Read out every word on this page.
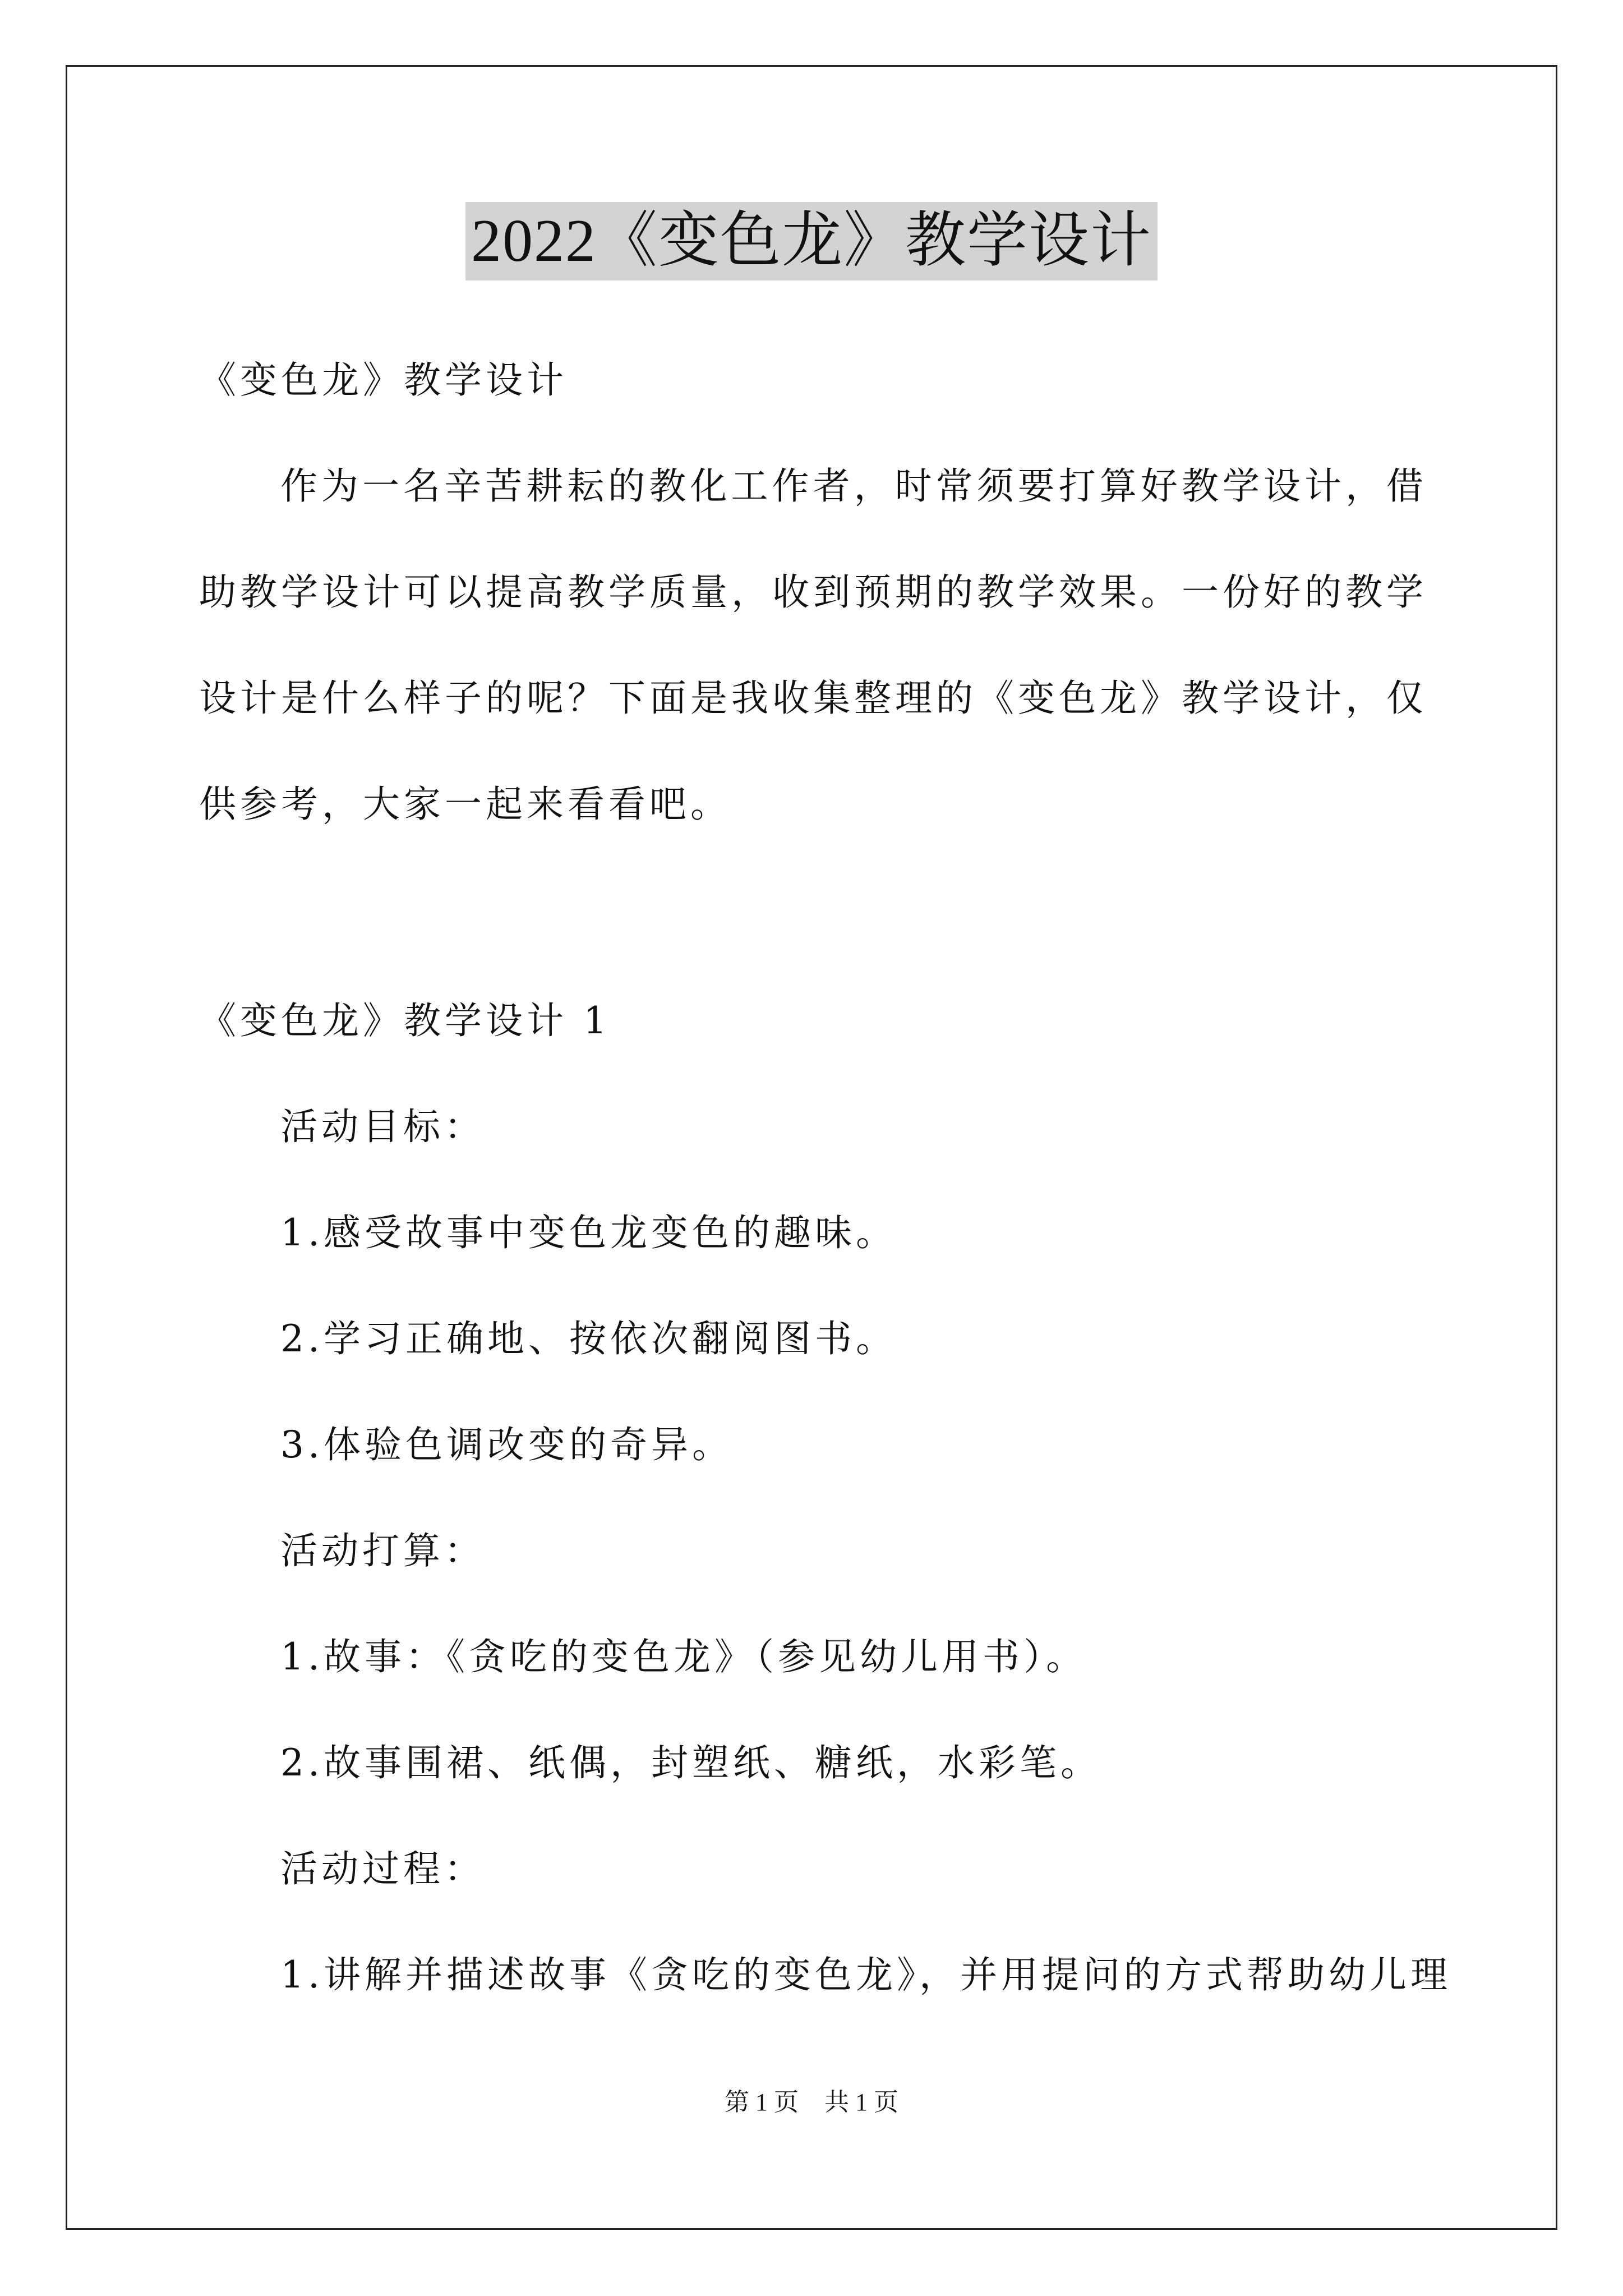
2022《变色龙》教学设计
《变色龙》教学设计
作为一名辛苦耕耘的教化工作者，时常须要打算好教学设计，借
助教学设计可以提高教学质量，收到预期的教学效果。一份好的教学
设计是什么样子的呢？下面是我收集整理的《变色龙》教学设计，仅
供参考，大家一起来看看吧。
《变色龙》教学设计 1
活动目标：
1.感受故事中变色龙变色的趣味。
2.学习正确地、按依次翻阅图书。
3.体验色调改变的奇异。
活动打算：
1.故事：《贪吃的变色龙》（参见幼儿用书）。
2.故事围裙、纸偶，封塑纸、糖纸，水彩笔。
活动过程：
1.讲解并描述故事《贪吃的变色龙》，并用提问的方式帮助幼儿理
第 1 页 共 1 页
